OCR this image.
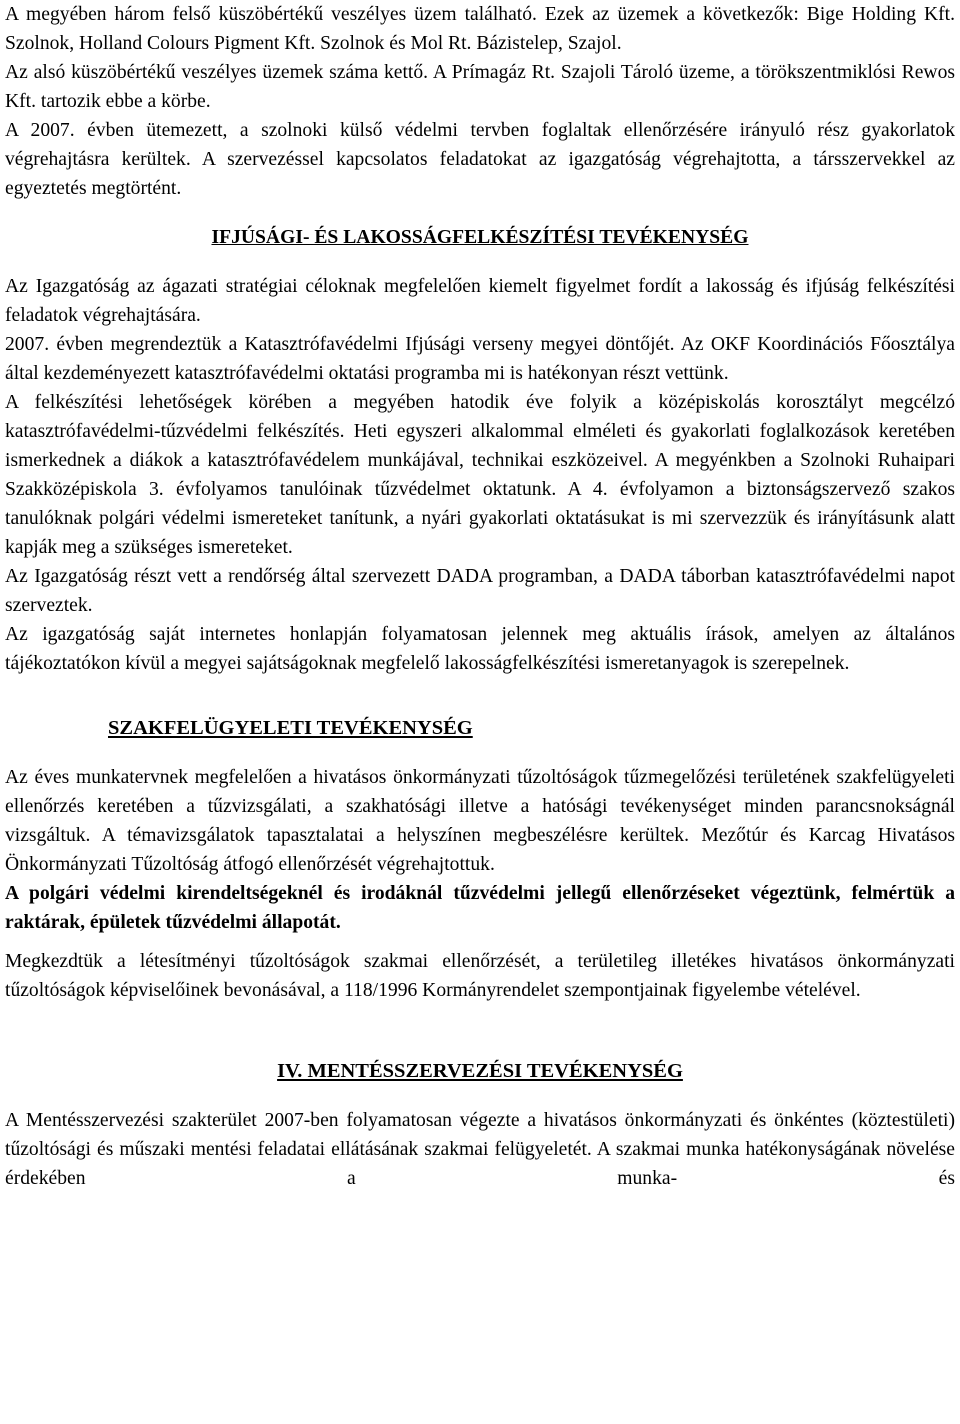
A megyében három felső küszöbértékű veszélyes üzem található. Ezek az üzemek a következők: Bige Holding Kft. Szolnok, Holland Colours Pigment Kft. Szolnok és Mol Rt. Bázistelep, Szajol.

Az alsó küszöbértékű veszélyes üzemek száma kettő. A Prímagáz Rt. Szajoli Tároló üzeme, a törökszentmiklósi Rewos Kft. tartozik ebbe a körbe.

A 2007. évben ütemezett, a szolnoki külső védelmi tervben foglaltak ellenőrzésére irányuló rész gyakorlatok végrehajtásra kerültek. A szervezéssel kapcsolatos feladatokat az igazgatóság végrehajtotta, a társszervekkel az egyeztetés megtörtént.

IFJÚSÁGI- ÉS LAKOSSÁGFELKÉSZÍTÉSI TEVÉKENYSÉG

Az Igazgatóság az ágazati stratégiai céloknak megfelelően kiemelt figyelmet fordít a lakosság és ifjúság felkészítési feladatok végrehajtására.

2007. évben megrendeztük a Katasztrófavédelmi Ifjúsági verseny megyei döntőjét. Az OKF Koordinációs Főosztálya által kezdeményezett katasztrófavédelmi oktatási programba mi is hatékonyan részt vettünk.

A felkészítési lehetőségek körében a megyében hatodik éve folyik a középiskolás korosztályt megcélzó katasztrófavédelmi-tűzvédelmi felkészítés. Heti egyszeri alkalommal elméleti és gyakorlati foglalkozások keretében ismerkednek a diákok a katasztrófavédelem munkájával, technikai eszközeivel. A megyénkben a Szolnoki Ruhaipari Szakközépiskola 3. évfolyamos tanulóinak tűzvédelmet oktatunk. A 4. évfolyamon a biztonságszervező szakos tanulóknak polgári védelmi ismereteket tanítunk, a nyári gyakorlati oktatásukat is mi szervezzük és irányításunk alatt kapják meg a szükséges ismereteket.

Az Igazgatóság részt vett a rendőrség által szervezett DADA programban, a DADA táborban katasztrófavédelmi napot szerveztek.

Az igazgatóság saját internetes honlapján folyamatosan jelennek meg aktuális írások, amelyen az általános tájékoztatókon kívül a megyei sajátságoknak megfelelő lakosságfelkészítési ismeretanyagok is szerepelnek.

SZAKFELÜGYELETI TEVÉKENYSÉG

Az éves munkatervnek megfelelően a hivatásos önkormányzati tűzoltóságok tűzmegelőzési területének szakfelügyeleti ellenőrzés keretében a tűzvizsgálati, a szakhatósági illetve a hatósági tevékenységet minden parancsnokságnál vizsgáltuk. A témavizsgálatok tapasztalatai a helyszínen megbeszélésre kerültek. Mezőtúr és Karcag Hivatásos Önkormányzati Tűzoltóság átfogó ellenőrzését végrehajtottuk.

A polgári védelmi kirendeltségeknél és irodáknál tűzvédelmi jellegű ellenőrzéseket végeztünk, felmértük a raktárak, épületek tűzvédelmi állapotát.

Megkezdtük a létesítményi tűzoltóságok szakmai ellenőrzését, a területileg illetékes hivatásos önkormányzati tűzoltóságok képviselőinek bevonásával, a 118/1996 Kormányrendelet szempontjainak figyelembe vételével.

IV. MENTÉSSZERVEZÉSI TEVÉKENYSÉG

A Mentésszervezési szakterület 2007-ben folyamatosan végezte a hivatásos önkormányzati és önkéntes (köztestületi) tűzoltósági és műszaki mentési feladatai ellátásának szakmai felügyeletét. A szakmai munka hatékonyságának növelése érdekében a munka- és
